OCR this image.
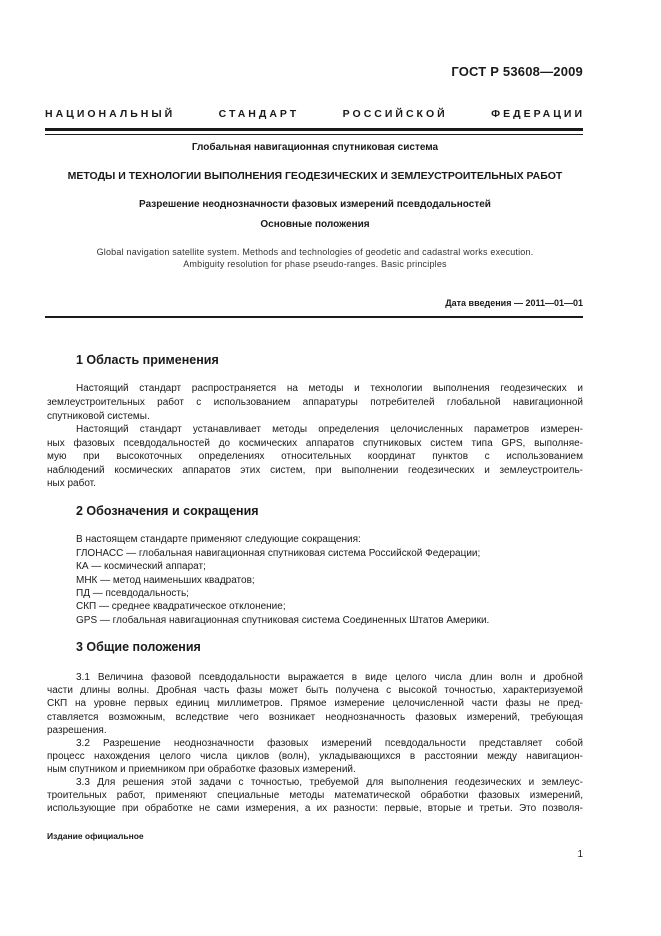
ГОСТ Р 53608—2009
НАЦИОНАЛЬНЫЙ СТАНДАРТ РОССИЙСКОЙ ФЕДЕРАЦИИ
Глобальная навигационная спутниковая система
МЕТОДЫ И ТЕХНОЛОГИИ ВЫПОЛНЕНИЯ ГЕОДЕЗИЧЕСКИХ И ЗЕМЛЕУСТРОИТЕЛЬНЫХ РАБОТ
Разрешение неоднозначности фазовых измерений псевдодальностей
Основные положения
Global navigation satellite system. Methods and technologies of geodetic and cadastral works execution.
Ambiguity resolution for phase pseudo-ranges. Basic principles
Дата введения — 2011—01—01
1 Область применения
Настоящий стандарт распространяется на методы и технологии выполнения геодезических и
землеустроительных работ с использованием аппаратуры потребителей глобальной навигационной
спутниковой системы.
Настоящий стандарт устанавливает методы определения целочисленных параметров измерен-
ных фазовых псевдодальностей до космических аппаратов спутниковых систем типа GPS, выполняе-
мую при высокоточных определениях относительных координат пунктов с использованием
наблюдений космических аппаратов этих систем, при выполнении геодезических и землеустроитель-
ных работ.
2 Обозначения и сокращения
В настоящем стандарте применяют следующие сокращения:
ГЛОНАСС — глобальная навигационная спутниковая система Российской Федерации;
КА — космический аппарат;
МНК — метод наименьших квадратов;
ПД — псевдодальность;
СКП — среднее квадратическое отклонение;
GPS — глобальная навигационная спутниковая система Соединенных Штатов Америки.
3 Общие положения
3.1 Величина фазовой псевдодальности выражается в виде целого числа длин волн и дробной
части длины волны. Дробная часть фазы может быть получена с высокой точностью, характеризуемой
СКП на уровне первых единиц миллиметров. Прямое измерение целочисленной части фазы не пред-
ставляется возможным, вследствие чего возникает неоднозначность фазовых измерений, требующая
разрешения.
3.2 Разрешение неоднозначности фазовых измерений псевдодальности представляет собой
процесс нахождения целого числа циклов (волн), укладывающихся в расстоянии между навигацион-
ным спутником и приемником при обработке фазовых измерений.
3.3 Для решения этой задачи с точностью, требуемой для выполнения геодезических и землеус-
троительных работ, применяют специальные методы математической обработки фазовых измерений,
использующие при обработке не сами измерения, а их разности: первые, вторые и третьи. Это позволя-
Издание официальное
1
